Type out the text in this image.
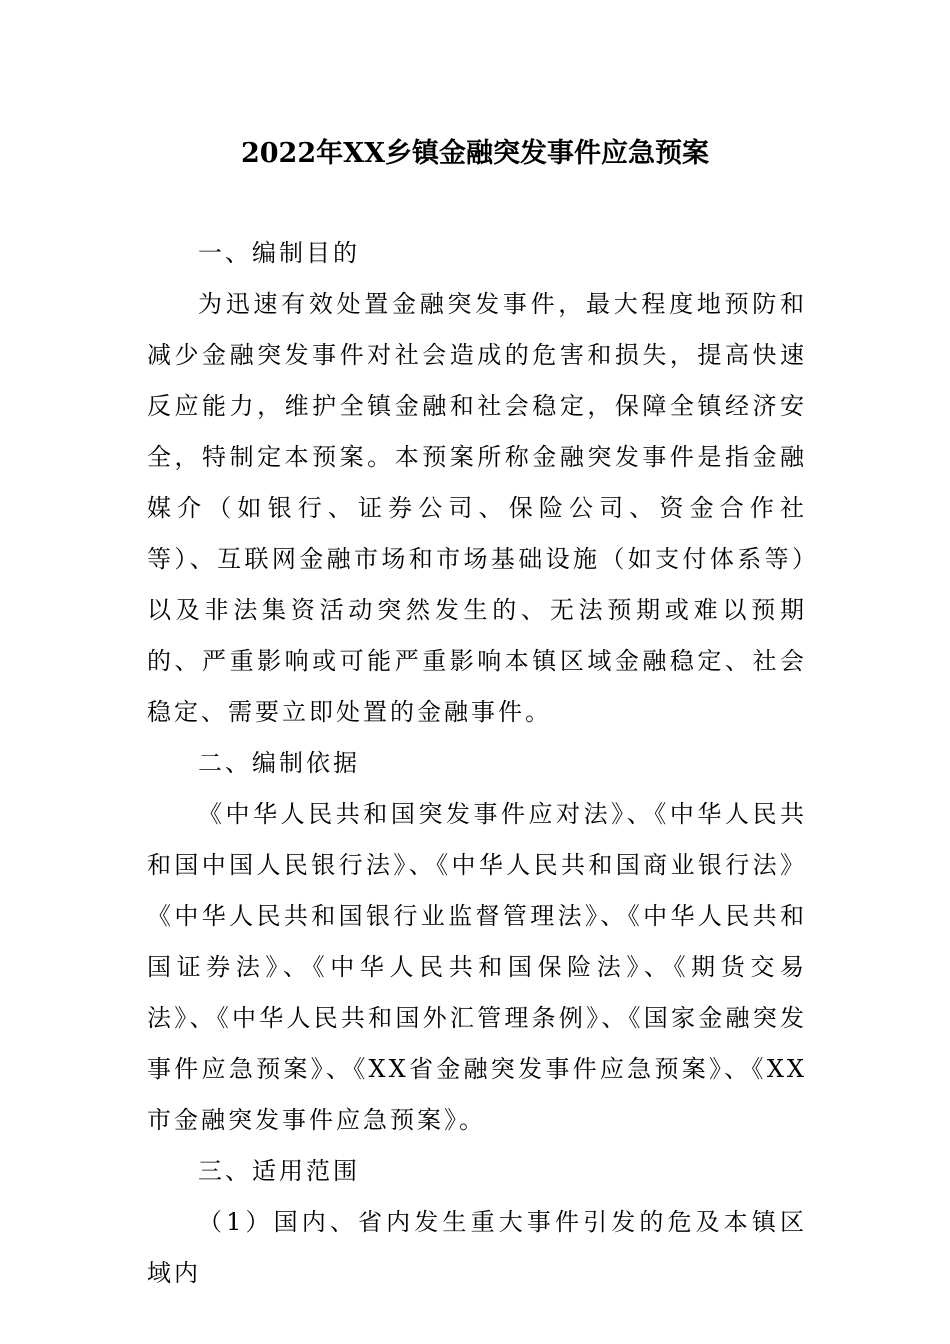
2022年XX乡镇金融突发事件应急预案

一、编制目的

为迅速有效处置金融突发事件，最大程度地预防和减少金融突发事件对社会造成的危害和损失，提高快速反应能力，维护全镇金融和社会稳定，保障全镇经济安全，特制定本预案。本预案所称金融突发事件是指金融媒介（如银行、证券公司、保险公司、资金合作社等）、互联网金融市场和市场基础设施（如支付体系等）以及非法集资活动突然发生的、无法预期或难以预期的、严重影响或可能严重影响本镇区域金融稳定、社会稳定、需要立即处置的金融事件。

二、编制依据

《中华人民共和国突发事件应对法》、《中华人民共和国中国人民银行法》、《中华人民共和国商业银行法》《中华人民共和国银行业监督管理法》、《中华人民共和国证券法》、《中华人民共和国保险法》、《期货交易法》、《中华人民共和国外汇管理条例》、《国家金融突发事件应急预案》、《XX省金融突发事件应急预案》、《XX市金融突发事件应急预案》。

三、适用范围

（1）国内、省内发生重大事件引发的危及本镇区域内
